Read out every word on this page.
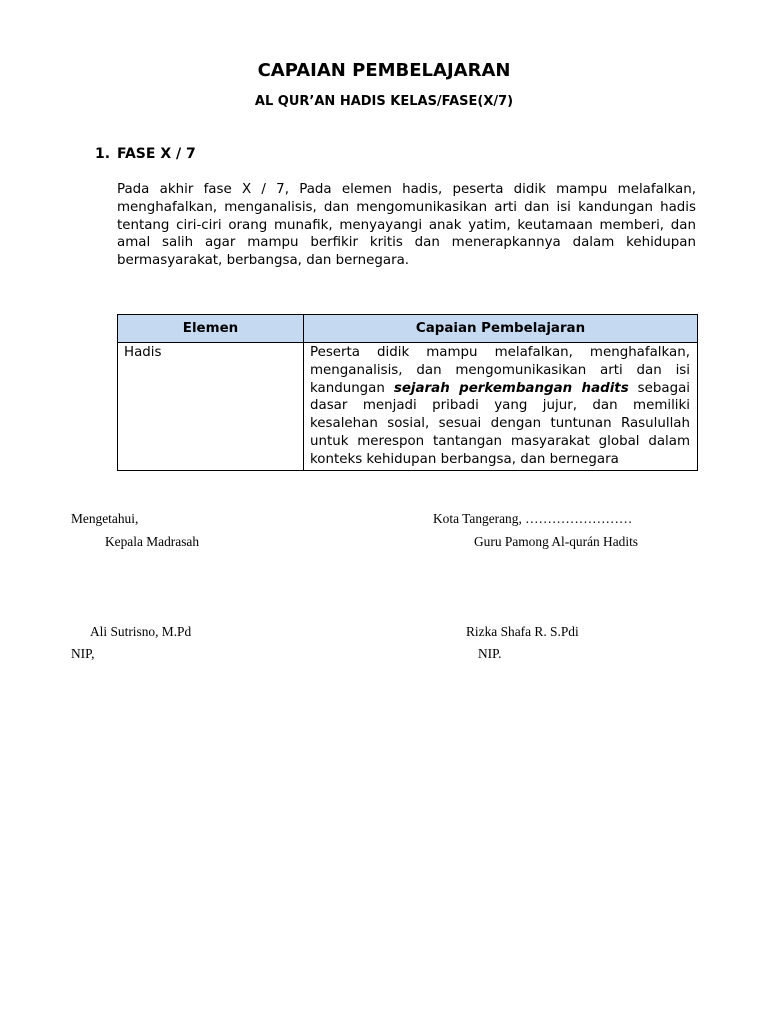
CAPAIAN PEMBELAJARAN
AL QUR’AN HADIS KELAS/FASE(X/7)
1. FASE X / 7
Pada akhir fase X / 7, Pada elemen hadis, peserta didik mampu melafalkan, menghafalkan, menganalisis, dan mengomunikasikan arti dan isi kandungan hadis tentang ciri-ciri orang munafik, menyayangi anak yatim, keutamaan memberi, dan amal salih agar mampu berfikir kritis dan menerapkannya dalam kehidupan bermasyarakat, berbangsa, dan bernegara.
Elemen	Capaian Pembelajaran
Hadis	Peserta didik mampu melafalkan, menghafalkan, menganalisis, dan mengomunikasikan arti dan isi kandungan sejarah perkembangan hadits sebagai dasar menjadi pribadi yang jujur, dan memiliki kesalehan sosial, sesuai dengan tuntunan Rasulullah untuk merespon tantangan masyarakat global dalam konteks kehidupan berbangsa, dan bernegara
Mengetahui,
Kepala Madrasah
Ali Sutrisno, M.Pd
NIP,
Kota Tangerang, ……………………
Guru Pamong Al-qurán Hadits
Rizka Shafa R. S.Pdi
NIP.
